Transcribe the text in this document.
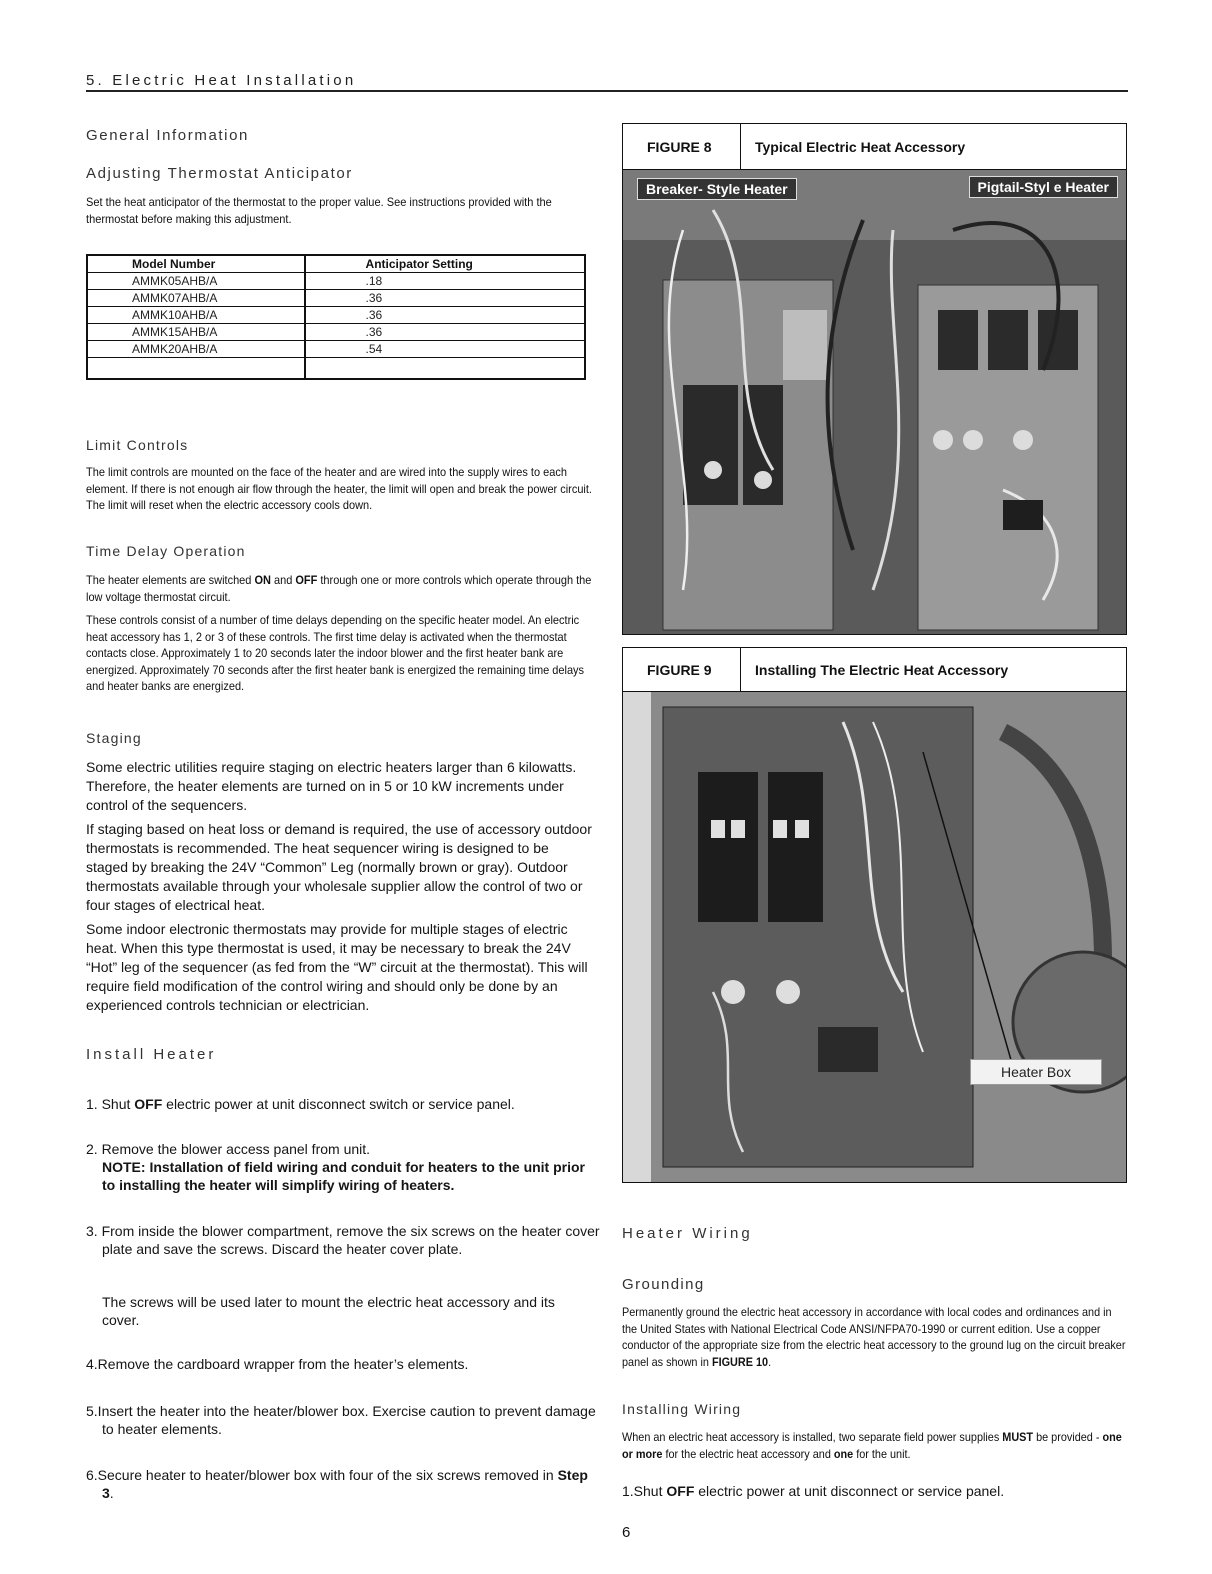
5. Electric Heat Installation
General Information
Adjusting Thermostat Anticipator
Set the heat anticipator of the thermostat to the proper value. See instructions provided with the thermostat before making this adjustment.
Model Number	Anticipator Setting
AMMK05AHB/A	.18
AMMK07AHB/A	.36
AMMK10AHB/A	.36
AMMK15AHB/A	.36
AMMK20AHB/A	.54

Limit Controls
The limit controls are mounted on the face of the heater and are wired into the supply wires to each element. If there is not enough air flow through the heater, the limit will open and break the power circuit. The limit will reset when the electric accessory cools down.
Time Delay Operation
The heater elements are switched ON and OFF through one or more controls which operate through the low voltage thermostat circuit.
These controls consist of a number of time delays depending on the specific heater model. An electric heat accessory has 1, 2 or 3 of these controls. The first time delay is activated when the thermostat contacts close. Approximately 1 to 20 seconds later the indoor blower and the first heater bank are energized. Approximately 70 seconds after the first heater bank is energized the remaining time delays and heater banks are energized.
Staging
Some electric utilities require staging on electric heaters larger than 6 kilowatts. Therefore, the heater elements are turned on in 5 or 10 kW increments under control of the sequencers.
If staging based on heat loss or demand is required, the use of accessory outdoor thermostats is recommended. The heat sequencer wiring is designed to be staged by breaking the 24V “Common” Leg (normally brown or gray). Outdoor thermostats available through your wholesale supplier allow the control of two or four stages of electrical heat.
Some indoor electronic thermostats may provide for multiple stages of electric heat. When this type thermostat is used, it may be necessary to break the 24V “Hot” leg of the sequencer (as fed from the “W” circuit at the thermostat). This will require field modification of the control wiring and should only be done by an experienced controls technician or electrician.
Install Heater
1. Shut OFF electric power at unit disconnect switch or service panel.
2. Remove the blower access panel from unit.
NOTE: Installation of field wiring and conduit for heaters to the unit prior to installing the heater will simplify wiring of heaters.
3. From inside the blower compartment, remove the six screws on the heater cover plate and save the screws. Discard the heater cover plate.
The screws will be used later to mount the electric heat accessory and its cover.
4.Remove the cardboard wrapper from the heater’s elements.
5.Insert the heater into the heater/blower box. Exercise caution to prevent damage to heater elements.
6.Secure heater to heater/blower box with four of the six screws removed in Step 3.
FIGURE 8	Typical Electric Heat Accessory
Breaker- Style Heater	Pigtail-Styl e Heater
FIGURE 9	Installing The Electric Heat Accessory
Heater Box
Heater Wiring
Grounding
Permanently ground the electric heat accessory in accordance with local codes and ordinances and in the United States with National Electrical Code ANSI/NFPA70-1990 or current edition. Use a copper conductor of the appropriate size from the electric heat accessory to the ground lug on the circuit breaker panel as shown in FIGURE 10.
Installing Wiring
When an electric heat accessory is installed, two separate field power supplies MUST be provided - one or more for the electric heat accessory and one for the unit.
1.Shut OFF electric power at unit disconnect or service panel.
6
